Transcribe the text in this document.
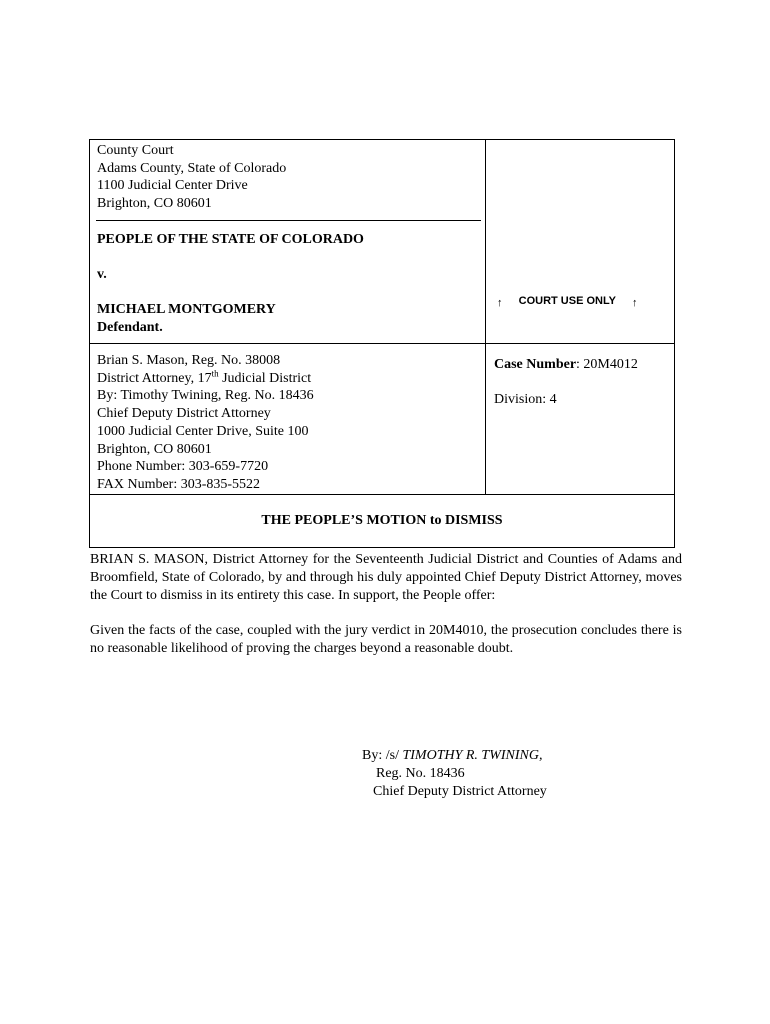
County Court
Adams County, State of Colorado
1100 Judicial Center Drive
Brighton, CO 80601
PEOPLE OF THE STATE OF COLORADO
v.
MICHAEL MONTGOMERY
Defendant.
↑ COURT USE ONLY ↑
Brian S. Mason, Reg. No. 38008
District Attorney, 17th Judicial District
By: Timothy Twining, Reg. No. 18436
Chief Deputy District Attorney
1000 Judicial Center Drive, Suite 100
Brighton, CO 80601
Phone Number: 303-659-7720
FAX Number: 303-835-5522
Case Number: 20M4012
Division: 4
THE PEOPLE’S MOTION to DISMISS
BRIAN S. MASON, District Attorney for the Seventeenth Judicial District and Counties of Adams and Broomfield, State of Colorado, by and through his duly appointed Chief Deputy District Attorney, moves the Court to dismiss in its entirety this case. In support, the People offer:
Given the facts of the case, coupled with the jury verdict in 20M4010, the prosecution concludes there is no reasonable likelihood of proving the charges beyond a reasonable doubt.
By: /s/ TIMOTHY R. TWINING,
Reg. No. 18436
Chief Deputy District Attorney
